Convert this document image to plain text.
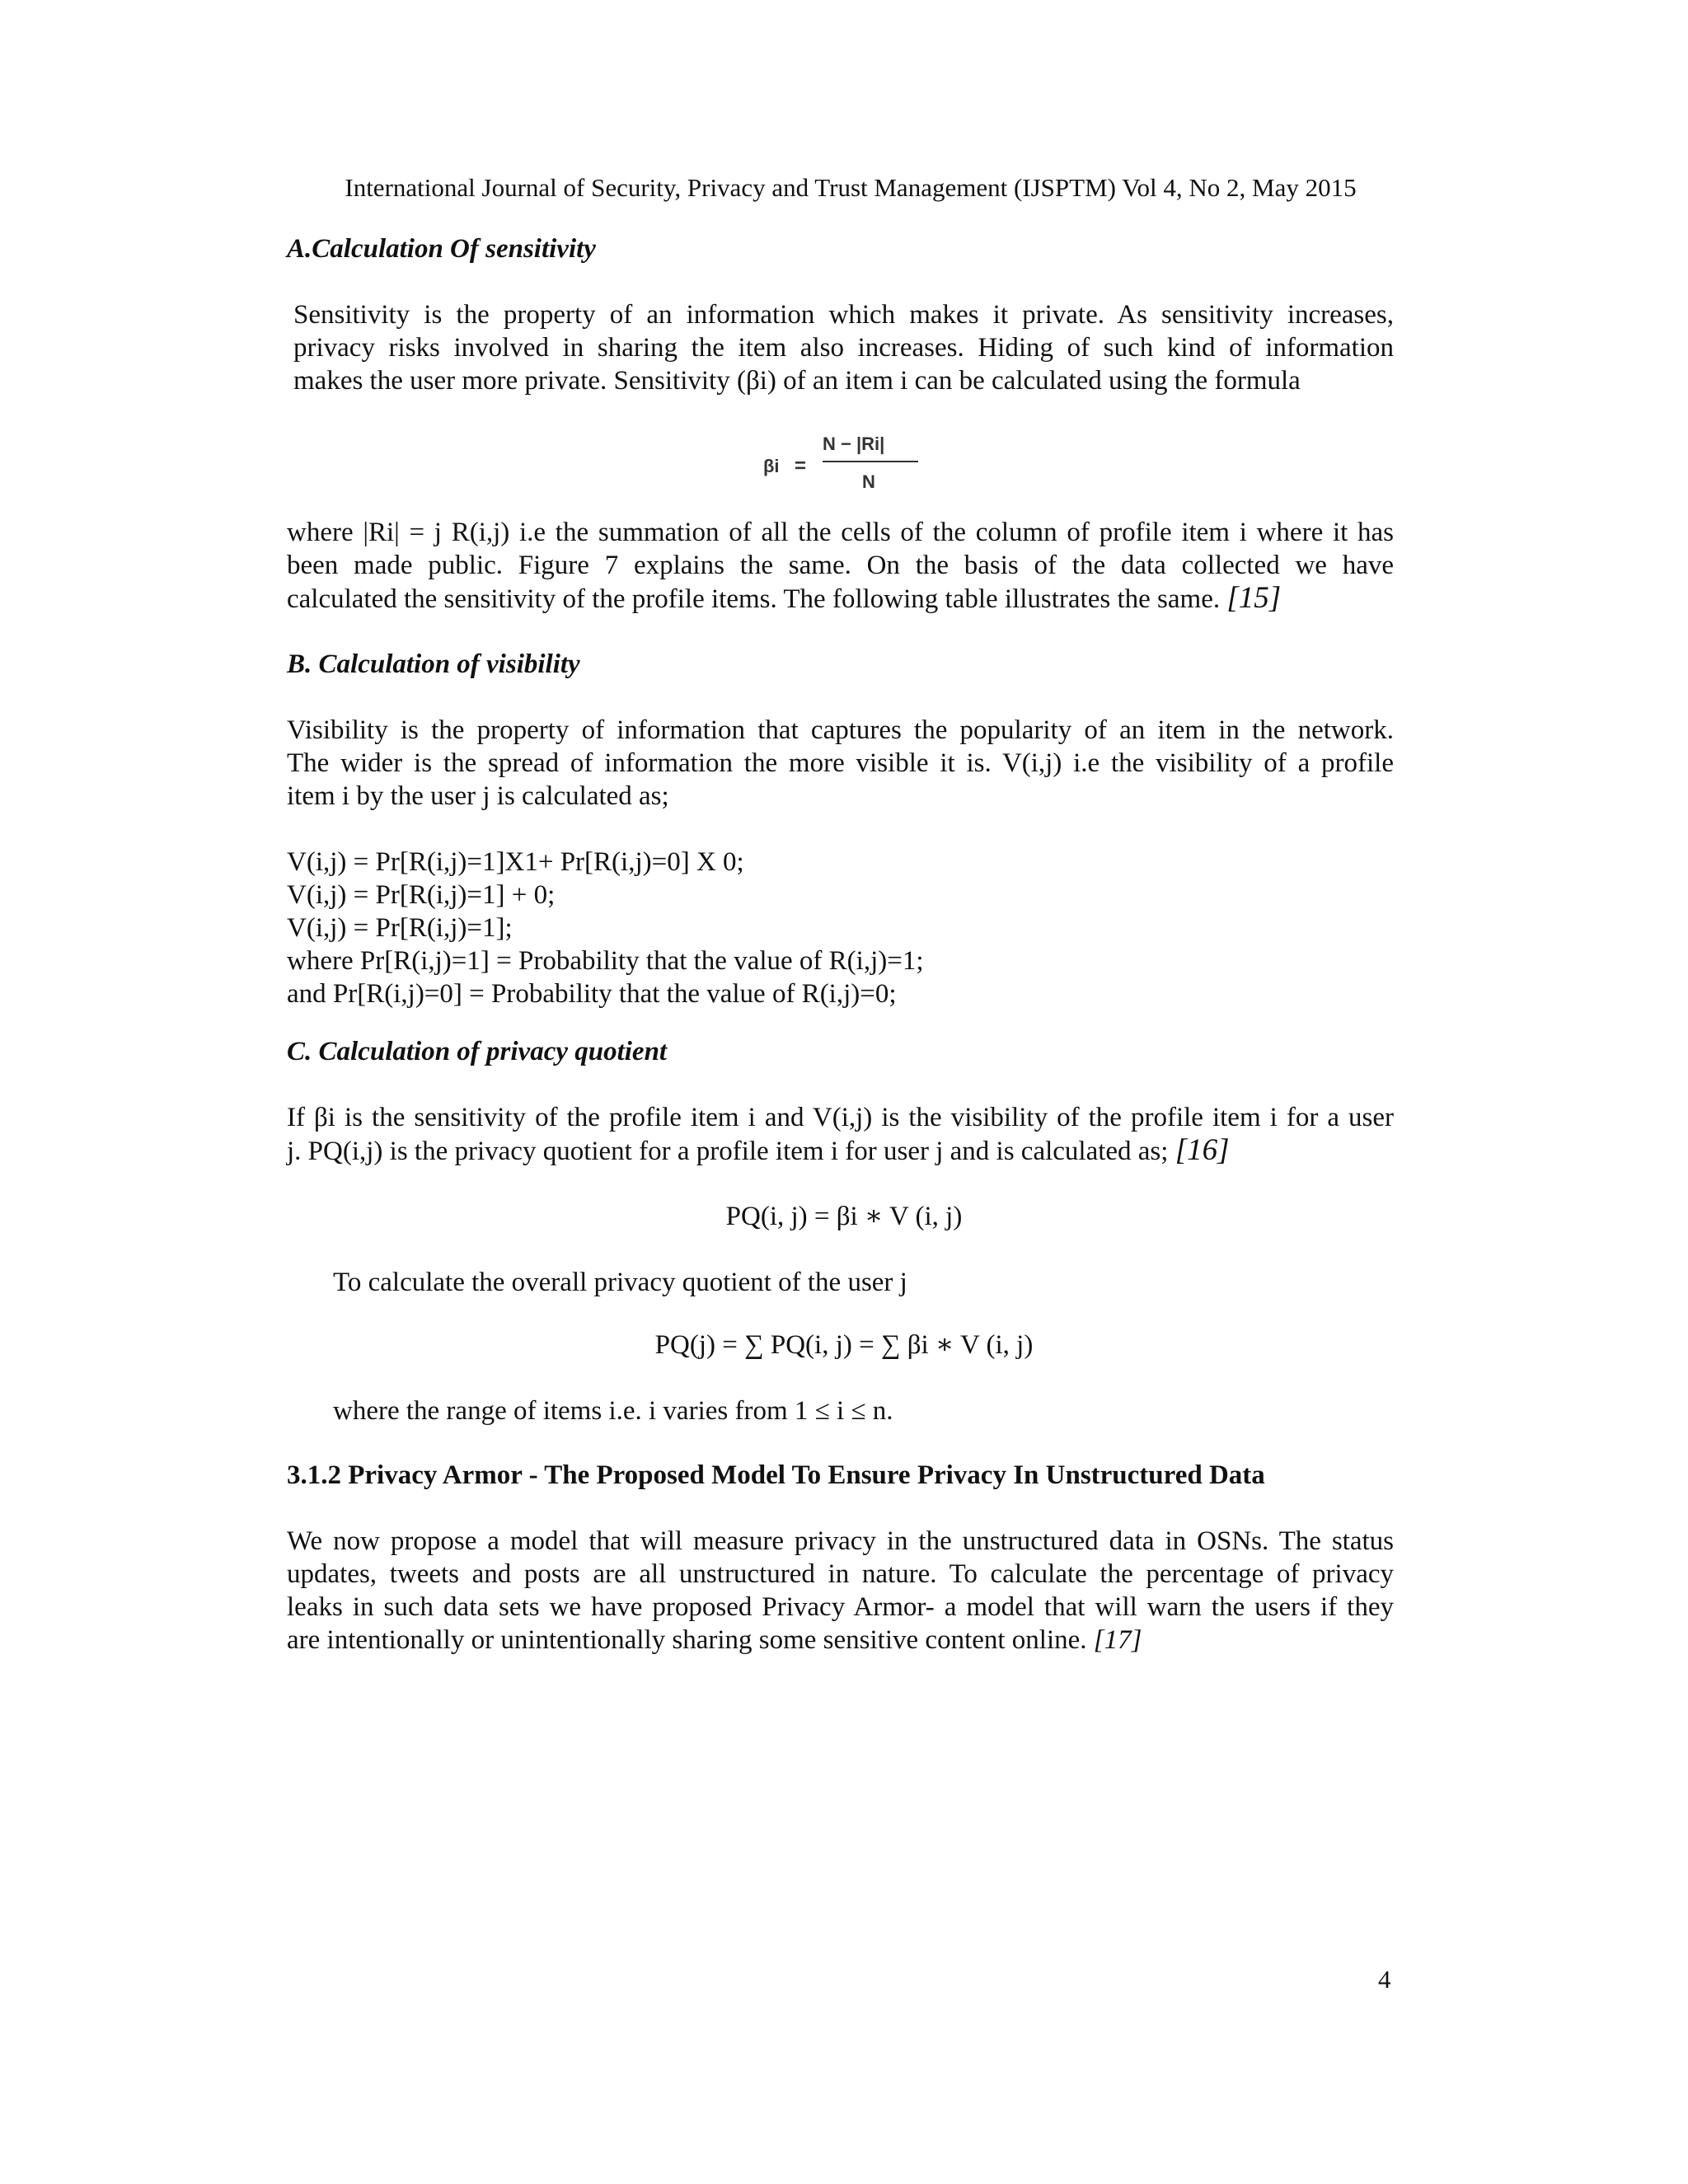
International Journal of Security, Privacy and Trust Management (IJSPTM) Vol 4, No 2, May 2015
A.Calculation Of sensitivity
Sensitivity is the property of an information which makes it private. As sensitivity increases,
privacy risks involved in sharing the item also increases. Hiding of such kind of information
makes the user more private. Sensitivity (βi) of an item i can be calculated using the formula
βi =
N − |Ri|
N
where |Ri| = j R(i,j) i.e the summation of all the cells of the column of profile item i where it has
been made public. Figure 7 explains the same. On the basis of the data collected we have
calculated the sensitivity of the profile items. The following table illustrates the same. [15]
B. Calculation of visibility
Visibility is the property of information that captures the popularity of an item in the network.
The wider is the spread of information the more visible it is. V(i,j) i.e the visibility of a profile
item i by the user j is calculated as;
V(i,j) = Pr[R(i,j)=1]X1+ Pr[R(i,j)=0] X 0;
V(i,j) = Pr[R(i,j)=1] + 0;
V(i,j) = Pr[R(i,j)=1];
where Pr[R(i,j)=1] = Probability that the value of R(i,j)=1;
and Pr[R(i,j)=0] = Probability that the value of R(i,j)=0;
C. Calculation of privacy quotient
If βi is the sensitivity of the profile item i and V(i,j) is the visibility of the profile item i for a user
j. PQ(i,j) is the privacy quotient for a profile item i for user j and is calculated as; [16]
PQ(i, j) = βi ∗ V (i, j)
To calculate the overall privacy quotient of the user j
PQ(j) = ∑ PQ(i, j) = ∑ βi ∗ V (i, j)
where the range of items i.e. i varies from 1 ≤ i ≤ n.
3.1.2 Privacy Armor - The Proposed Model To Ensure Privacy In Unstructured Data
We now propose a model that will measure privacy in the unstructured data in OSNs. The status
updates, tweets and posts are all unstructured in nature. To calculate the percentage of privacy
leaks in such data sets we have proposed Privacy Armor- a model that will warn the users if they
are intentionally or unintentionally sharing some sensitive content online. [17]
4
